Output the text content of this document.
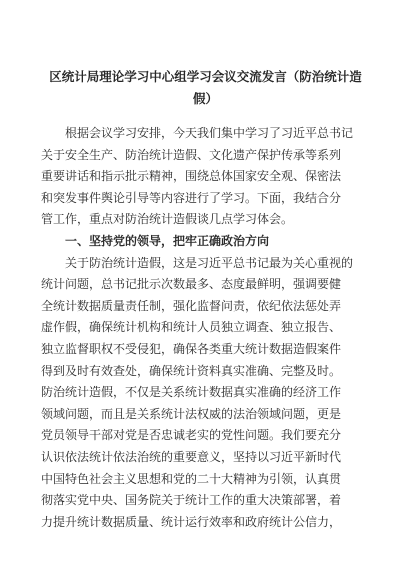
区统计局理论学习中心组学习会议交流发言（防治统计造
假）

根据会议学习安排，今天我们集中学习了习近平总书记
关于安全生产、防治统计造假、文化遗产保护传承等系列
重要讲话和指示批示精神，围绕总体国家安全观、保密法
和突发事件舆论引导等内容进行了学习。下面，我结合分
管工作，重点对防治统计造假谈几点学习体会。

一、坚持党的领导，把牢正确政治方向

关于防治统计造假，这是习近平总书记最为关心重视的
统计问题，总书记批示次数最多、态度最鲜明，强调要健
全统计数据质量责任制，强化监督问责，依纪依法惩处弄
虚作假，确保统计机构和统计人员独立调查、独立报告、
独立监督职权不受侵犯，确保各类重大统计数据造假案件
得到及时有效查处，确保统计资料真实准确、完整及时。

防治统计造假，不仅是关系统计数据真实准确的经济工作
领域问题，而且是关系统计法权威的法治领域问题，更是
党员领导干部对党是否忠诚老实的党性问题。我们要充分
认识依法统计依法治统的重要意义，坚持以习近平新时代
中国特色社会主义思想和党的二十大精神为引领，认真贯
彻落实党中央、国务院关于统计工作的重大决策部署，着
力提升统计数据质量、统计运行效率和政府统计公信力，
